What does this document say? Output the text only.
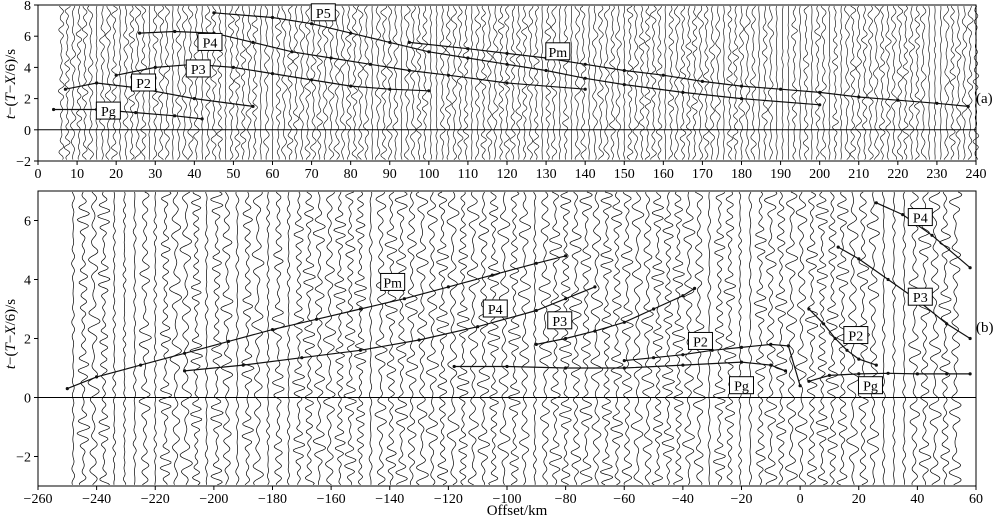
0 10 20 30 40 50 60 70 80 90 100 110 120 130 140 150 160 170 180 190 200 210 220 230 240
−2
0
2
4
6
8
Pg
P2
P3
P4
P5
Pm
t−(T−X/6)/s
(a)
−260 −240 −220 −200 −180 −160 −140 −120 −100 −80	−60	−40	−20	0	20	40	60
−2
0
2
4
6
Pm
P4
P3
P2
Pg	Pg
P2
P3
P4
t−(T−X/6)/s
(b)
Offset/km
